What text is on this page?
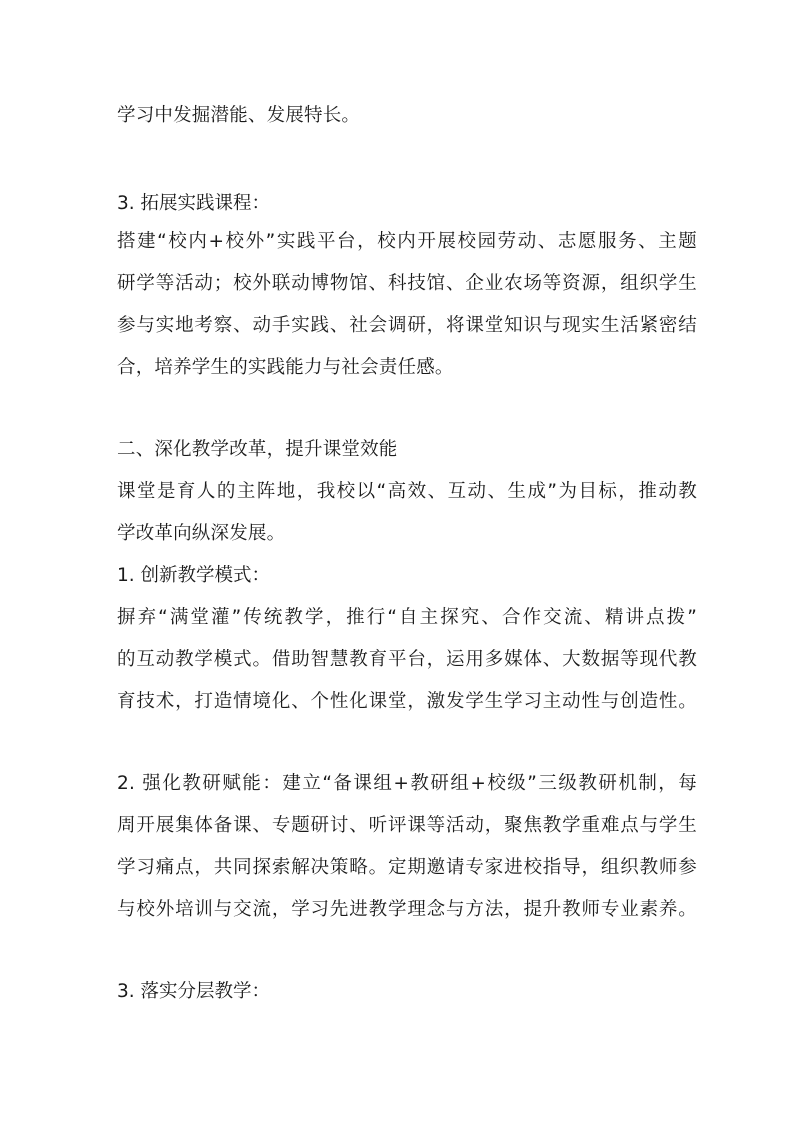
学习中发掘潜能、发展特长。
3. 拓展实践课程：
搭建“校内+校外”实践平台，校内开展校园劳动、志愿服务、主题
研学等活动；校外联动博物馆、科技馆、企业农场等资源，组织学生
参与实地考察、动手实践、社会调研，将课堂知识与现实生活紧密结
合，培养学生的实践能力与社会责任感。
二、深化教学改革，提升课堂效能
课堂是育人的主阵地，我校以“高效、互动、生成”为目标，推动教
学改革向纵深发展。
1. 创新教学模式：
摒弃“满堂灌”传统教学，推行“自主探究、合作交流、精讲点拨”
的互动教学模式。借助智慧教育平台，运用多媒体、大数据等现代教
育技术，打造情境化、个性化课堂，激发学生学习主动性与创造性。
2. 强化教研赋能：建立“备课组+教研组+校级”三级教研机制，每
周开展集体备课、专题研讨、听评课等活动，聚焦教学重难点与学生
学习痛点，共同探索解决策略。定期邀请专家进校指导，组织教师参
与校外培训与交流，学习先进教学理念与方法，提升教师专业素养。
3. 落实分层教学：
